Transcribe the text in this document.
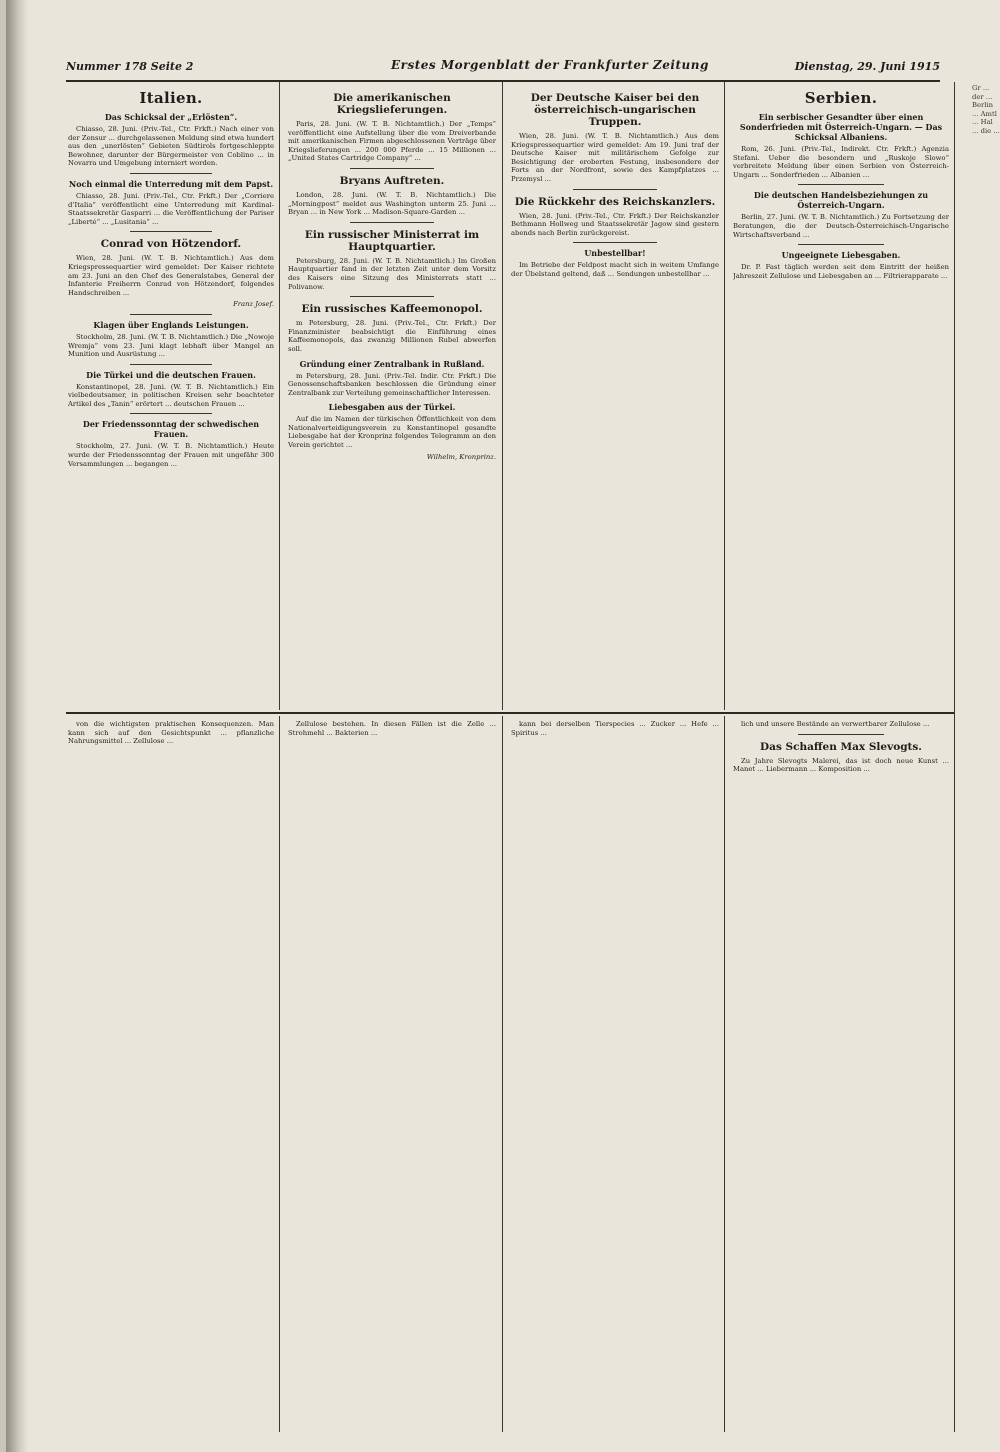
Nummer 178 Seite 2	Erstes Morgenblatt der Frankfurter Zeitung	Dienstag, 29. Juni 1915
Italien.
Das Schicksal der „Erlösten“.

Chiasso, 28. Juni. (Priv.-Tel., Ctr. Frkft.) Nach einer von der Zensur ... durchgelassenen Meldung sind etwa hundert aus den „unerlösten“ Gebieten Südtirols fortgeschleppte Bewohner, darunter der Bürgermeister von Coblino ... in Novarra und Umgebung interniert worden.

Noch einmal die Unterredung mit dem Papst.

Chiasso, 28. Juni. (Priv.-Tel., Ctr. Frkft.) Der „Corriere d’Italia“ veröffentlicht eine Unterredung mit Kardinal-Staatssekretär Gasparri ... die Veröffentlichung der Pariser „Liberté“ ... „Lusitania“ ...

Conrad von Hötzendorf.

Wien, 28. Juni. (W. T. B. Nichtamtlich.) Aus dem Kriegspressequartier wird gemeldet: Der Kaiser richtete am 23. Juni an den Chef des Generalstabes, General der Infanterie Freiherrn Conrad von Hötzendorf, folgendes Handschreiben ...

Franz Josef.
Klagen über Englands Leistungen.

Stockholm, 28. Juni. (W. T. B. Nichtamtlich.) Die „Nowoje Wremja“ vom 23. Juni klagt lebhaft über Mangel an Munition und Ausrüstung ...

Die Türkei und die deutschen Frauen.

Konstantinopel, 28. Juni. (W. T. B. Nichtamtlich.) Ein vielbedeutsamer, in politischen Kreisen sehr beachteter Artikel des „Tanin“ erörtert ... deutschen Frauen ...

Der Friedenssonntag der schwedischen Frauen.

Stockholm, 27. Juni. (W. T. B. Nichtamtlich.) Heute wurde der Friedenssonntag der Frauen mit ungefähr 300 Versammlungen ... begangen ...

Die amerikanischen Kriegslieferungen.

Paris, 28. Juni. (W. T. B. Nichtamtlich.) Der „Temps“ veröffentlicht eine Aufstellung über die vom Dreiverbande mit amerikanischen Firmen abgeschlossenen Verträge über Kriegslieferungen ... 200 000 Pferde ... 15 Millionen ... „United States Cartridge Company“ ...

Bryans Auftreten.

London, 28. Juni. (W. T. B. Nichtamtlich.) Die „Morningpost“ meldet aus Washington unterm 25. Juni ... Bryan ... in New York ... Madison-Square-Garden ...

Ein russischer Ministerrat im Hauptquartier.

Petersburg, 28. Juni. (W. T. B. Nichtamtlich.) Im Großen Hauptquartier fand in der letzten Zeit unter dem Vorsitz des Kaisers eine Sitzung des Ministerrats statt ... Polivanow.

Ein russisches Kaffeemonopol.

m Petersburg, 28. Juni. (Priv.-Tel., Ctr. Frkft.) Der Finanzminister beabsichtigt die Einführung eines Kaffeemonopols, das zwanzig Millionen Rubel abwerfen soll.

Gründung einer Zentralbank in Rußland.

m Petersburg, 28. Juni. (Priv.-Tel. Indir. Ctr. Frkft.) Die Genossenschaftsbanken beschlossen die Gründung einer Zentralbank zur Verteilung gemeinschaftlicher Interessen.

Liebesgaben aus der Türkei.

Auf die im Namen der türkischen Öffentlichkeit von dem Nationalverteidigungsverein zu Konstantinopel gesandte Liebesgabe hat der Kronprinz folgendes Telegramm an den Verein gerichtet ...

Wilhelm, Kronprinz.
Der Deutsche Kaiser bei den österreichisch-ungarischen Truppen.

Wien, 28. Juni. (W. T. B. Nichtamtlich.) Aus dem Kriegspressequartier wird gemeldet: Am 19. Juni traf der Deutsche Kaiser mit militärischem Gefolge zur Besichtigung der eroberten Festung, insbesondere der Forts an der Nordfront, sowie des Kampfplatzes ... Przemysl ...

Die Rückkehr des Reichskanzlers.

Wien, 28. Juni. (Priv.-Tel., Ctr. Frkft.) Der Reichskanzler Bethmann Hollweg und Staatssekretär Jagow sind gestern abends nach Berlin zurückgereist.

Unbestellbar!

Im Betriebe der Feldpost macht sich in weitem Umfange der Übelstand geltend, daß ... Sendungen unbestellbar ...

Serbien.
Ein serbischer Gesandter über einen Sonderfrieden mit Österreich-Ungarn. — Das Schicksal Albaniens.

Rom, 26. Juni. (Priv.-Tel., Indirekt. Ctr. Frkft.) Agenzia Stefani. Ueber die besondern und „Ruskoje Slowo“ verbreitete Meldung über einen Serbien von Österreich-Ungarn ... Sonderfrieden ... Albanien ...

Die deutschen Handelsbeziehungen zu Österreich-Ungarn.

Berlin, 27. Juni. (W. T. B. Nichtamtlich.) Zu Fortsetzung der Beratungen, die der Deutsch-Österreichisch-Ungarische Wirtschaftsverband ...

Ungeeignete Liebesgaben.

Dr. P. Fast täglich werden seit dem Eintritt der heißen Jahreszeit Zellulose und Liebesgaben an ... Filtrierapparate ...

von die wichtigsten praktischen Konsequenzen. Man kann sich auf den Gesichtspunkt ... pflanzliche Nahrungsmittel ... Zellulose ...

Zellulose bestehen. In diesen Fällen ist die Zelle ... Strohmehl ... Bakterien ...

kann bei derselben Tierspecies ... Zucker ... Hefe ... Spiritus ...

lich und unsere Bestände an verwertbarer Zellulose ...

Das Schaffen Max Slevogts.

Zu Jahre Slevogts Malerei, das ist doch neue Kunst ... Manet ... Liebermann ... Komposition ...

Gr ... der ... Berlin ... Amtl ... Hal ... die ...
